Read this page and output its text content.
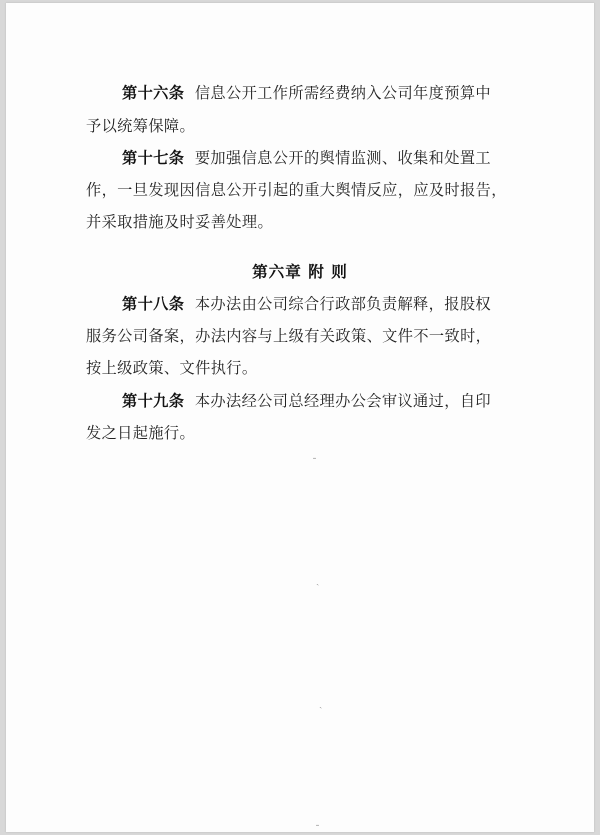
第十六条 信息公开工作所需经费纳入公司年度预算中
予以统筹保障。
第十七条 要加强信息公开的舆情监测、收集和处置工
作，一旦发现因信息公开引起的重大舆情反应，应及时报告，
并采取措施及时妥善处理。
第六章 附 则
第十八条 本办法由公司综合行政部负责解释，报股权
服务公司备案，办法内容与上级有关政策、文件不一致时，
按上级政策、文件执行。
第十九条 本办法经公司总经理办公会审议通过，自印
发之日起施行。
ˍ
ˏ
ˏ
ˍ
